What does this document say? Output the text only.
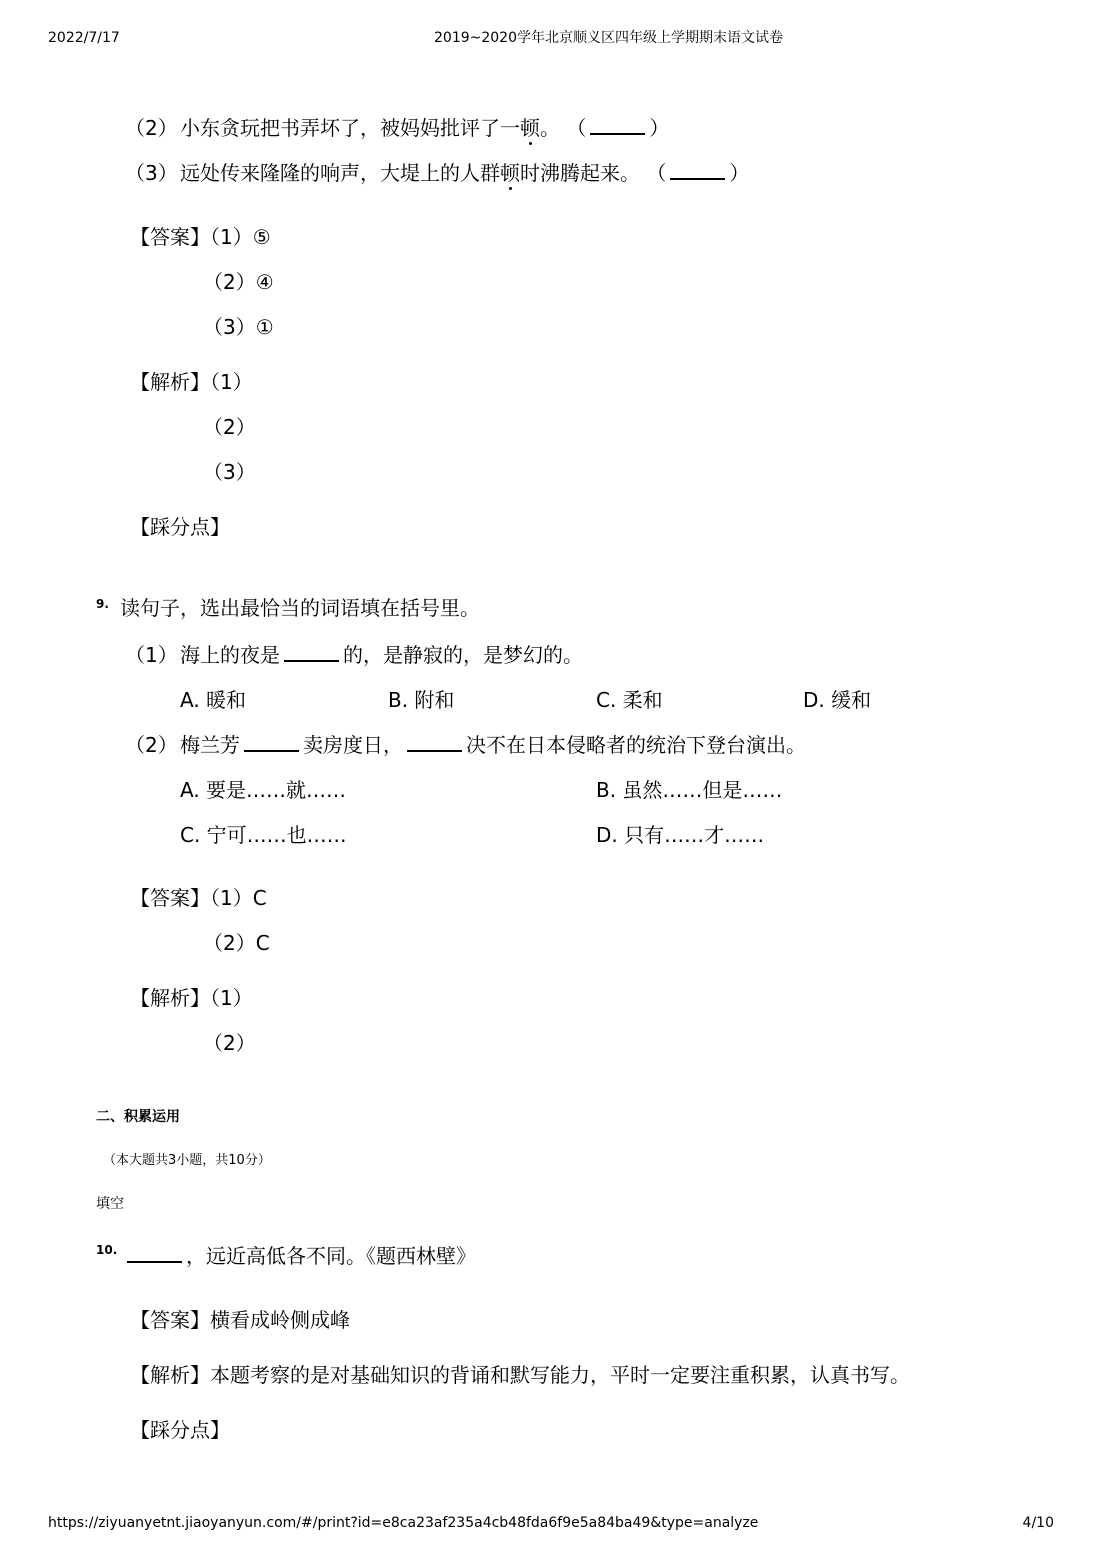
2022/7/17	2019~2020学年北京顺义区四年级上学期期末语文试卷
（2） 小东贪玩把书弄坏了，被妈妈批评了一顿。 （	）
（3） 远处传来隆隆的响声，大堤上的人群顿时沸腾起来。 （	）
【答案】（1）⑤
（2）④
（3）①
【解析】（1）
（2）
（3）
【踩分点】
9. 读句子，选出最恰当的词语填在括号里。
（1） 海上的夜是	的，是静寂的，是梦幻的。
A. 暖和	B. 附和	C. 柔和	D. 缓和
（2） 梅兰芳	卖房度日，	决不在日本侵略者的统治下登台演出。
A. 要是……就……	B. 虽然……但是……
C. 宁可……也……	D. 只有……才……
【答案】（1）C
（2）C
【解析】（1）
（2）
二、积累运用
（本大题共3小题，共10分）
填空
10.	，远近高低各不同。《题西林壁》
【答案】横看成岭侧成峰
【解析】本题考察的是对基础知识的背诵和默写能力，平时一定要注重积累，认真书写。
【踩分点】
https://ziyuanyetnt.jiaoyanyun.com/#/print?id=e8ca23af235a4cb48fda6f9e5a84ba49&type=analyze	4/10
